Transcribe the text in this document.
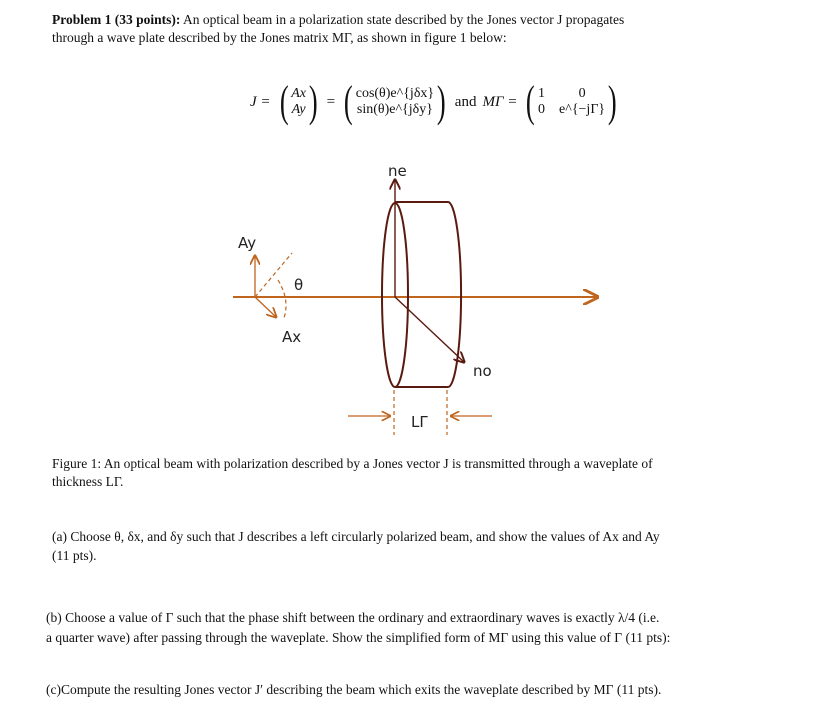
Problem 1 (33 points): An optical beam in a polarization state described by the Jones vector J propagates
through a wave plate described by the Jones matrix MΓ, as shown in figure 1 below:
J = ( Ax
Ay ) = ( cos(θ)e^{jδx}
sin(θ)e^{jδy} ) and MΓ = ( 1	0
0 e^{−jΓ} )
Ay
Ax
θ
ne
no
LΓ
Figure 1: An optical beam with polarization described by a Jones vector J is transmitted through a waveplate of
thickness LΓ.
(a) Choose θ, δx, and δy such that J describes a left circularly polarized beam, and show the values of Ax and Ay
(11 pts).
(b) Choose a value of Γ such that the phase shift between the ordinary and extraordinary waves is exactly λ/4 (i.e.
a quarter wave) after passing through the waveplate. Show the simplified form of MΓ using this value of Γ (11 pts):
(c)Compute the resulting Jones vector J′ describing the beam which exits the waveplate described by MΓ (11 pts).
